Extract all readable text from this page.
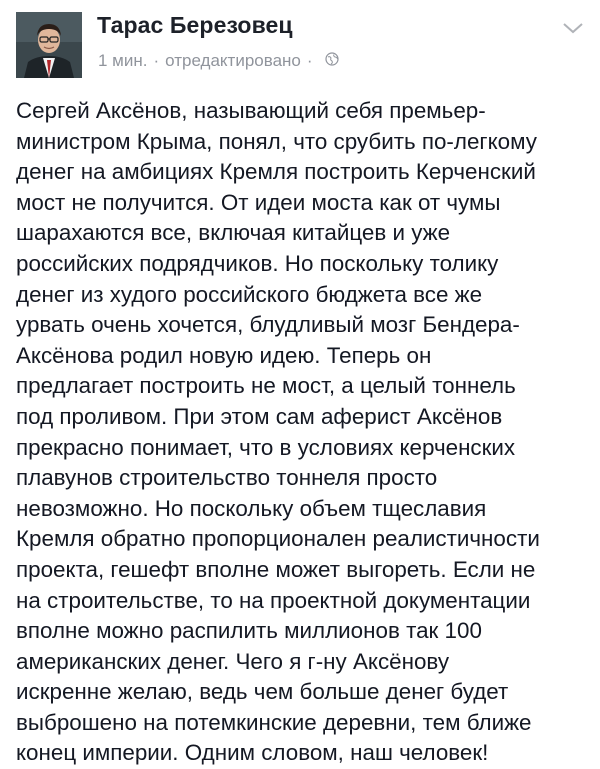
Тарас Березовец
1 мин. · отредактировано ·
Сергей Аксёнов, называющий себя премьер-
министром Крыма, понял, что срубить по-легкому
денег на амбициях Кремля построить Керченский
мост не получится. От идеи моста как от чумы
шарахаются все, включая китайцев и уже
российских подрядчиков. Но поскольку толику
денег из худого российского бюджета все же
урвать очень хочется, блудливый мозг Бендера-
Аксёнова родил новую идею. Теперь он
предлагает построить не мост, а целый тоннель
под проливом. При этом сам аферист Аксёнов
прекрасно понимает, что в условиях керченских
плавунов строительство тоннеля просто
невозможно. Но поскольку объем тщеславия
Кремля обратно пропорционален реалистичности
проекта, гешефт вполне может выгореть. Если не
на строительстве, то на проектной документации
вполне можно распилить миллионов так 100
американских денег. Чего я г-ну Аксёнову
искренне желаю, ведь чем больше денег будет
выброшено на потемкинские деревни, тем ближе
конец империи. Одним словом, наш человек!
